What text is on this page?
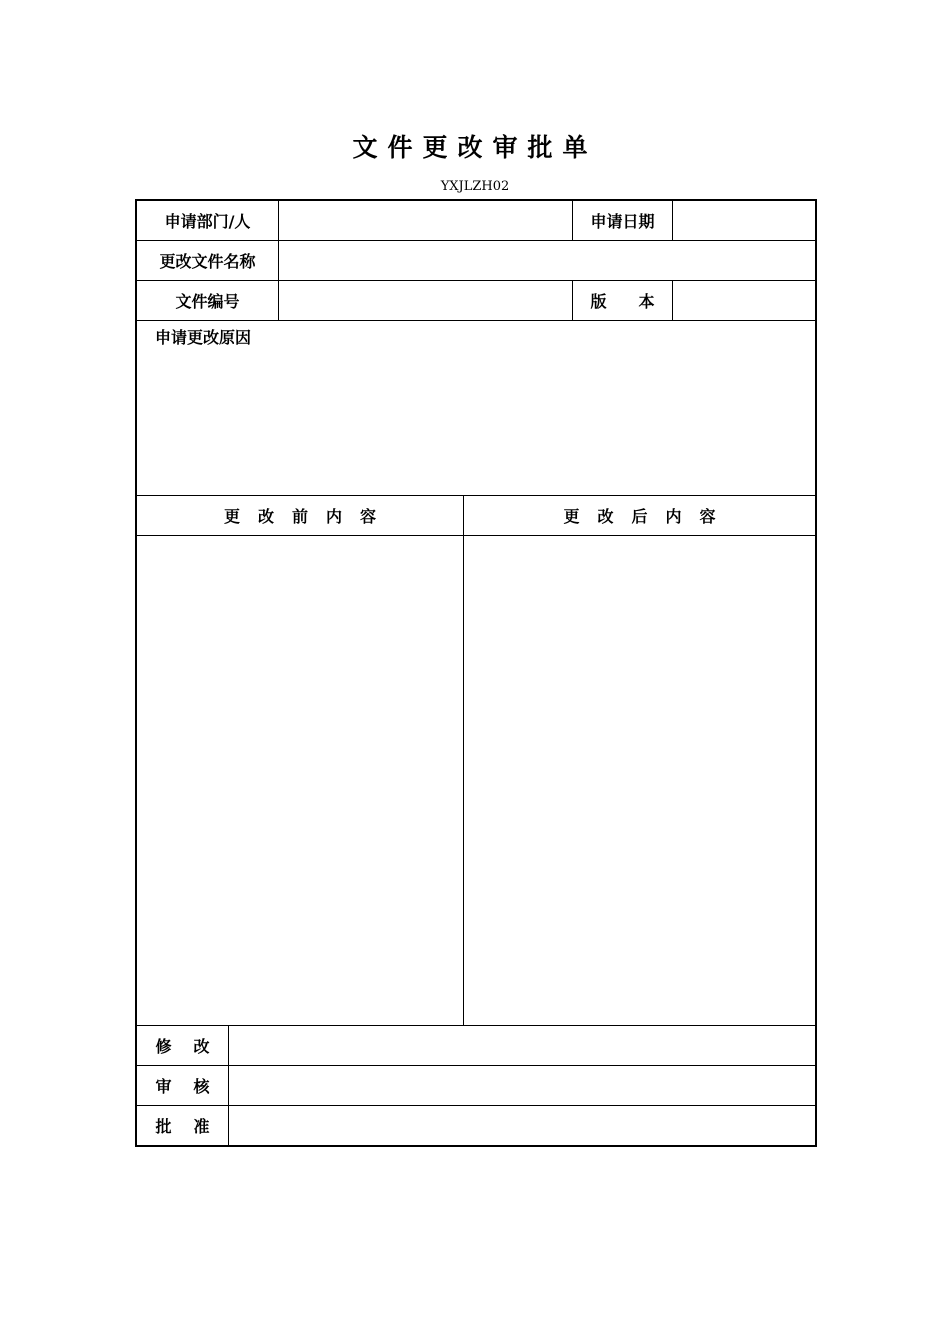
文件更改审批单
YXJLZH02
申请部门/人	申请日期
更改文件名称
文件编号	版　　本
申请更改原因
更改前内容	更改后内容
修改
审核
批准
